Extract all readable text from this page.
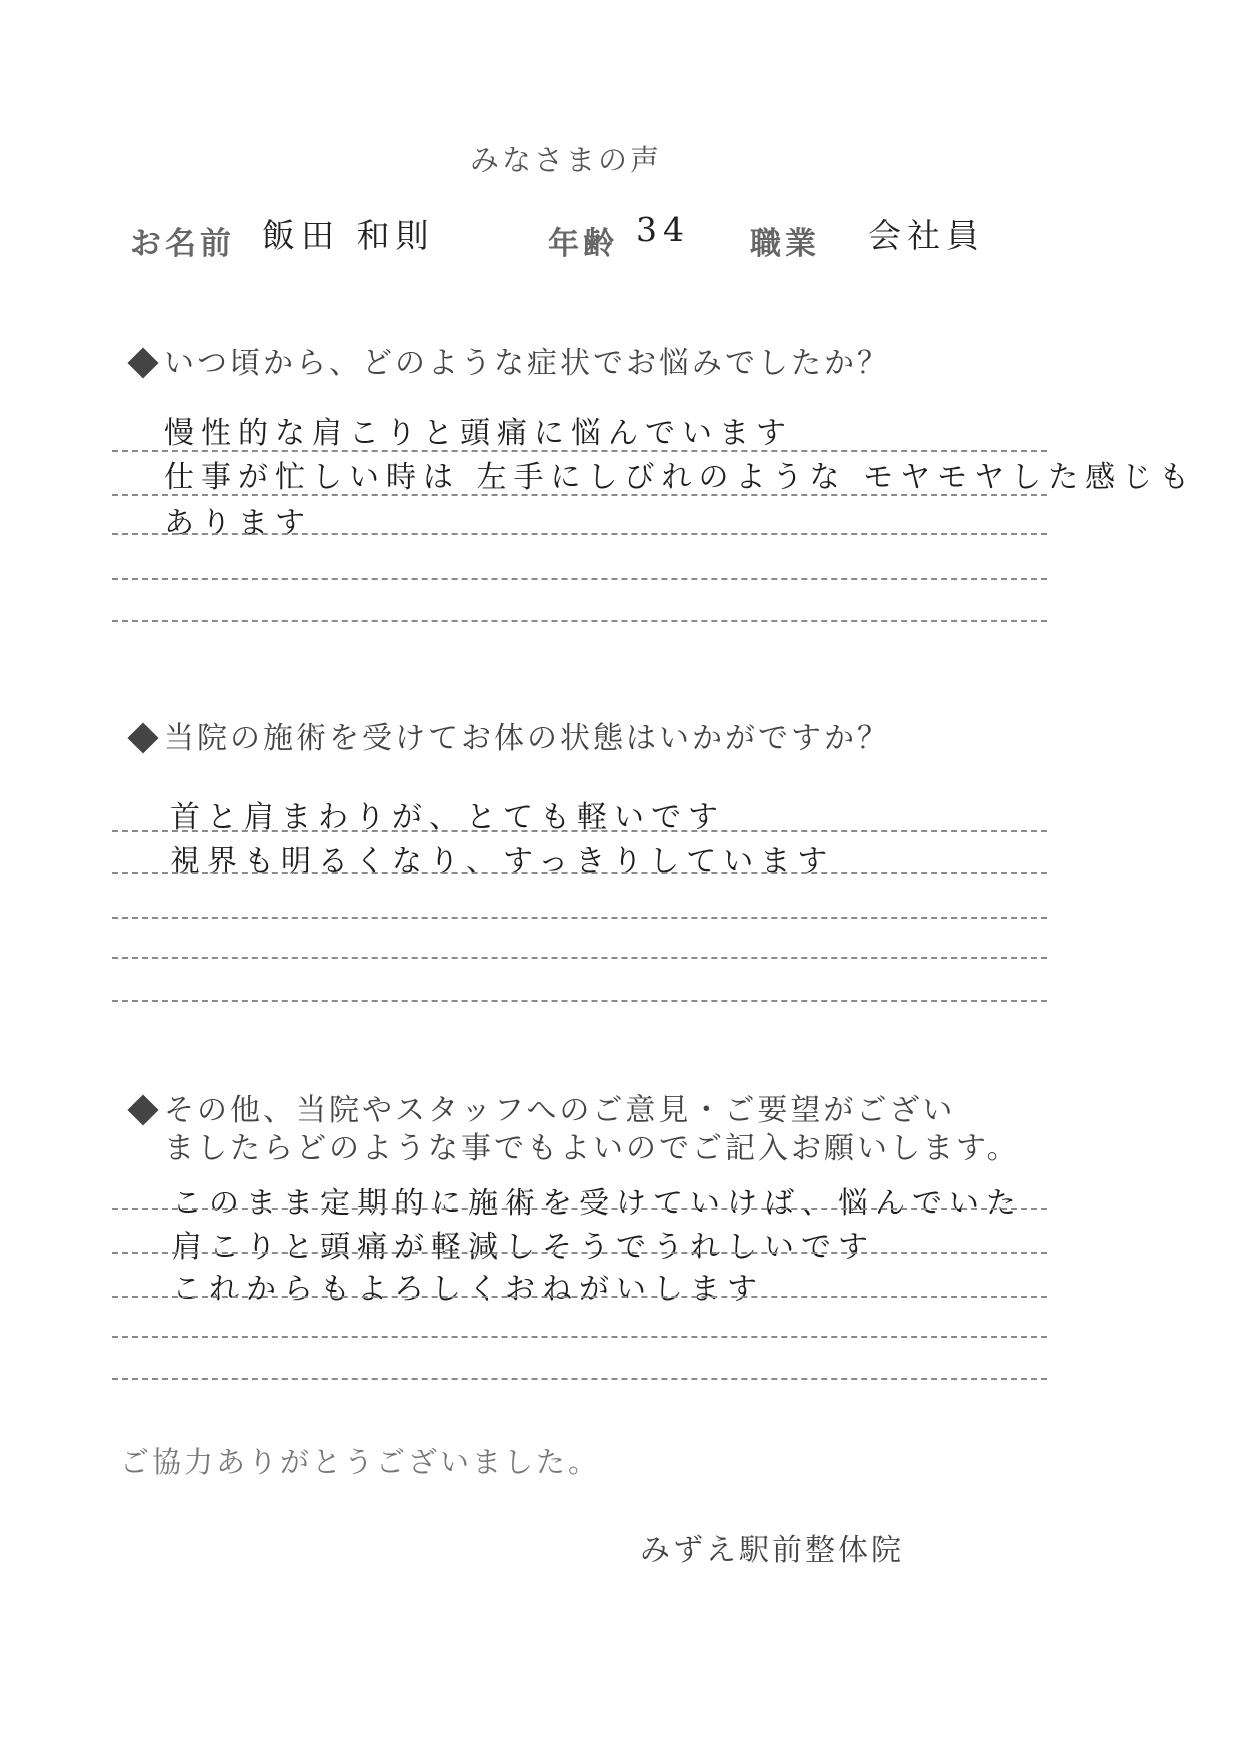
みなさまの声
お名前 飯田 和則	年齢 34 職業 会社員
いつ頃から、どのような症状でお悩みでしたか？
慢性的な肩こりと頭痛に悩んでいます
仕事が忙しい時は 左手にしびれのような モヤモヤした感じも
あります
当院の施術を受けてお体の状態はいかがですか？
首と肩まわりが、とても軽いです
視界も明るくなり、すっきりしています
その他、当院やスタッフへのご意見・ご要望がござい
ましたらどのような事でもよいのでご記入お願いします。
このまま定期的に施術を受けていけば、悩んでいた
肩こりと頭痛が軽減しそうでうれしいです
これからもよろしくおねがいします
ご協力ありがとうございました。
みずえ駅前整体院
